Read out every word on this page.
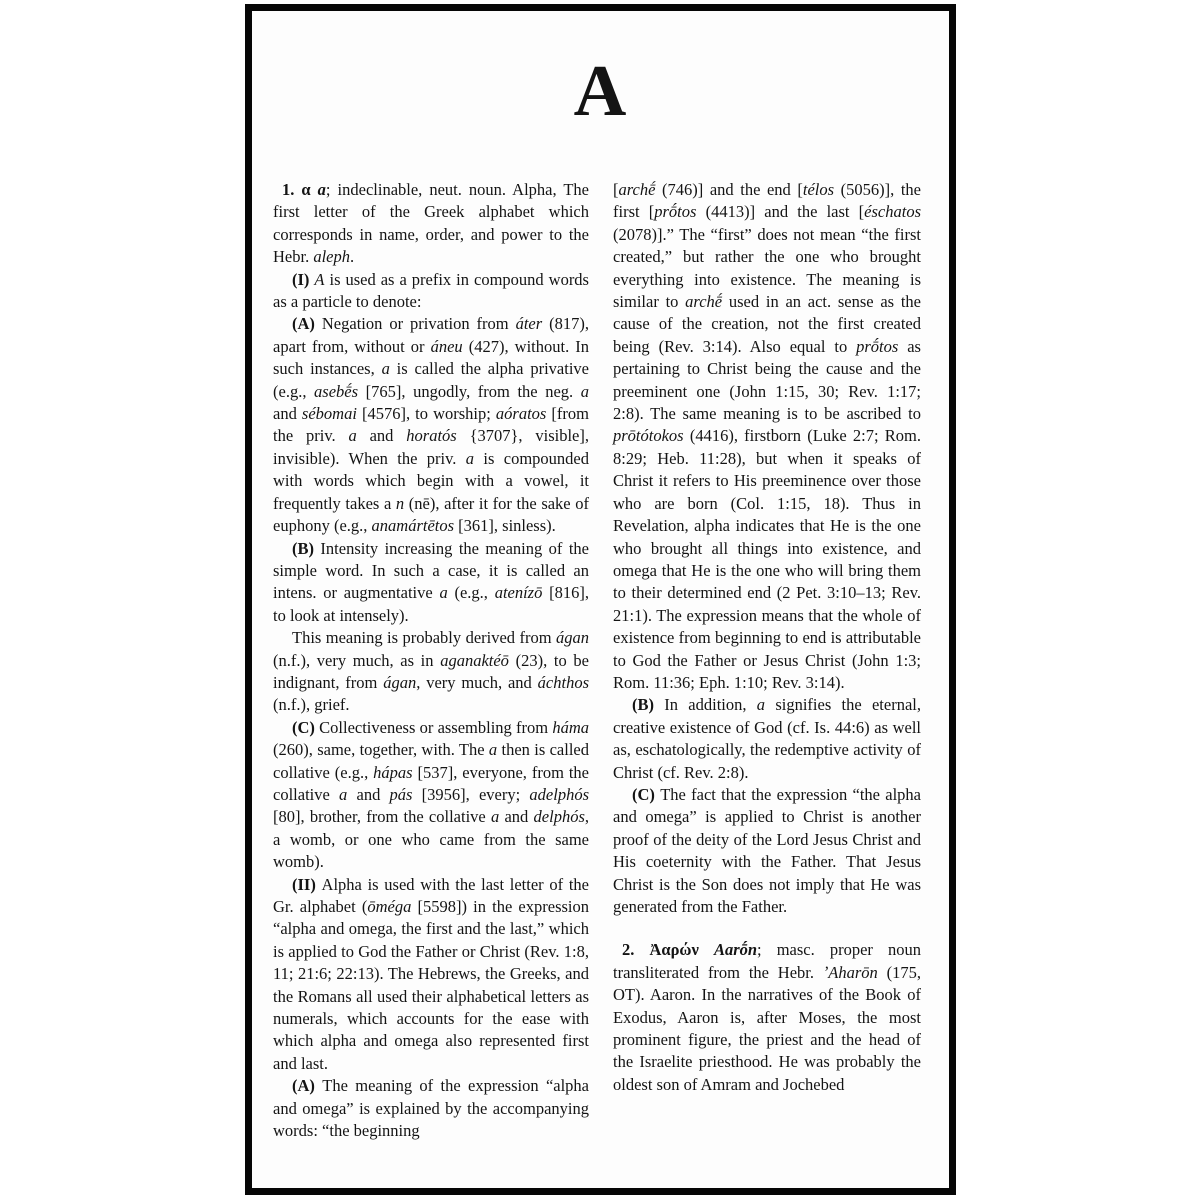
A

1. α a; indeclinable, neut. noun. Alpha, The first letter of the Greek alphabet which corresponds in name, order, and power to the Hebr. aleph.

(I) A is used as a prefix in compound words as a particle to denote:

(A) Negation or privation from áter (817), apart from, without or áneu (427), without. In such instances, a is called the alpha privative (e.g., asebḗs [765], ungodly, from the neg. a and sébomai [4576], to worship; aóratos [from the priv. a and horatós {3707}, visible], invisible). When the priv. a is compounded with words which begin with a vowel, it frequently takes a n (nē), after it for the sake of euphony (e.g., anamártētos [361], sinless).

(B) Intensity increasing the meaning of the simple word. In such a case, it is called an intens. or augmentative a (e.g., atenízō [816], to look at intensely).

This meaning is probably derived from ágan (n.f.), very much, as in aganaktéō (23), to be indignant, from ágan, very much, and áchthos (n.f.), grief.

(C) Collectiveness or assembling from háma (260), same, together, with. The a then is called collative (e.g., hápas [537], everyone, from the collative a and pás [3956], every; adelphós [80], brother, from the collative a and delphós, a womb, or one who came from the same womb).

(II) Alpha is used with the last letter of the Gr. alphabet (ōméga [5598]) in the expression “alpha and omega, the first and the last,” which is applied to God the Father or Christ (Rev. 1:8, 11; 21:6; 22:13). The Hebrews, the Greeks, and the Romans all used their alphabetical letters as numerals, which accounts for the ease with which alpha and omega also represented first and last.

(A) The meaning of the expression “alpha and omega” is explained by the accompanying words: “the beginning

[archḗ (746)] and the end [télos (5056)], the first [prṓtos (4413)] and the last [éschatos (2078)].” The “first” does not mean “the first created,” but rather the one who brought everything into existence. The meaning is similar to archḗ used in an act. sense as the cause of the creation, not the first created being (Rev. 3:14). Also equal to prṓtos as pertaining to Christ being the cause and the preeminent one (John 1:15, 30; Rev. 1:17; 2:8). The same meaning is to be ascribed to prōtótokos (4416), firstborn (Luke 2:7; Rom. 8:29; Heb. 11:28), but when it speaks of Christ it refers to His preeminence over those who are born (Col. 1:15, 18). Thus in Revelation, alpha indicates that He is the one who brought all things into existence, and omega that He is the one who will bring them to their determined end (2 Pet. 3:10–13; Rev. 21:1). The expression means that the whole of existence from beginning to end is attributable to God the Father or Jesus Christ (John 1:3; Rom. 11:36; Eph. 1:10; Rev. 3:14).

(B) In addition, a signifies the eternal, creative existence of God (cf. Is. 44:6) as well as, eschatologically, the redemptive activity of Christ (cf. Rev. 2:8).

(C) The fact that the expression “the alpha and omega” is applied to Christ is another proof of the deity of the Lord Jesus Christ and His coeternity with the Father. That Jesus Christ is the Son does not imply that He was generated from the Father.

2. Ἀαρών Aarṓn; masc. proper noun transliterated from the Hebr. ʼAharōn (175, OT). Aaron. In the narratives of the Book of Exodus, Aaron is, after Moses, the most prominent figure, the priest and the head of the Israelite priesthood. He was probably the oldest son of Amram and Jochebed
